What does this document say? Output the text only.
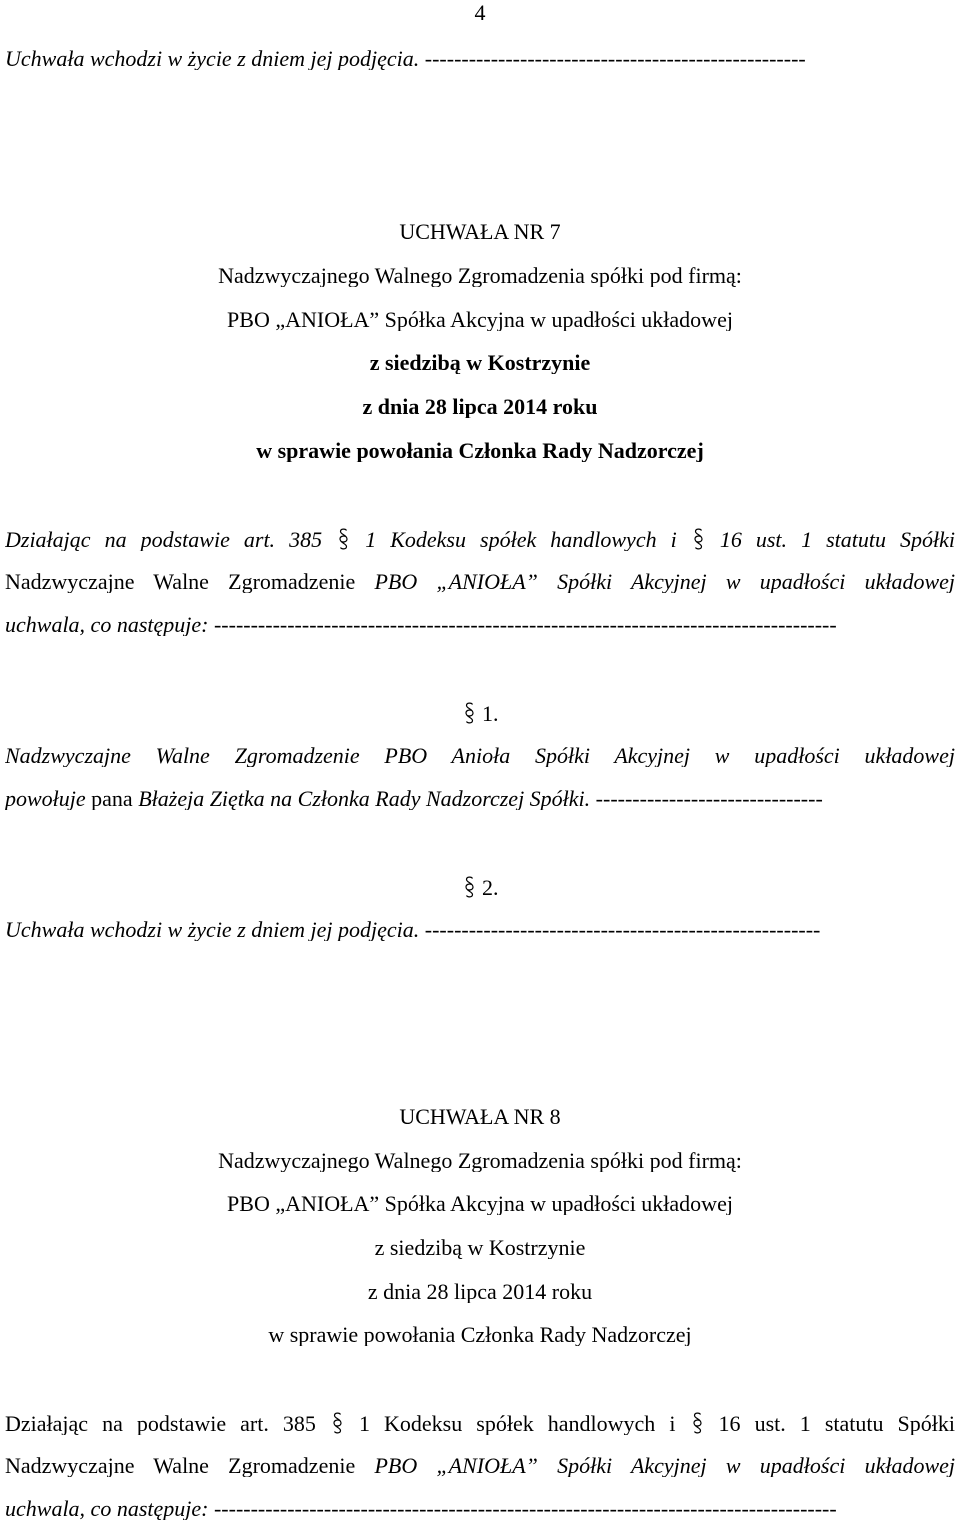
4
Uchwała wchodzi w życie z dniem jej podjęcia. ----------------------------------------------------
UCHWAŁA NR 7
Nadzwyczajnego Walnego Zgromadzenia spółki pod firmą:
PBO „ANIOŁA” Spółka Akcyjna w upadłości układowej
z siedzibą w Kostrzynie
z dnia 28 lipca 2014 roku
w sprawie powołania Członka Rady Nadzorczej
Działając na podstawie art. 385 1 Kodeksu spółek handlowych i 16 ust. 1 statutu Spółki
Nadzwyczajne Walne Zgromadzenie PBO „ANIOŁA” Spółki Akcyjnej w upadłości układowej
uchwala, co następuje: -------------------------------------------------------------------------------------
1.
Nadzwyczajne Walne Zgromadzenie PBO Anioła Spółki Akcyjnej w upadłości układowej
powołuje pana Błażeja Ziętka na Członka Rady Nadzorczej Spółki. -------------------------------
2.
Uchwała wchodzi w życie z dniem jej podjęcia. ------------------------------------------------------
UCHWAŁA NR 8
Nadzwyczajnego Walnego Zgromadzenia spółki pod firmą:
PBO „ANIOŁA” Spółka Akcyjna w upadłości układowej
z siedzibą w Kostrzynie
z dnia 28 lipca 2014 roku
w sprawie powołania Członka Rady Nadzorczej
Działając na podstawie art. 385 1 Kodeksu spółek handlowych i 16 ust. 1 statutu Spółki
Nadzwyczajne Walne Zgromadzenie PBO „ANIOŁA” Spółki Akcyjnej w upadłości układowej
uchwala, co następuje: -------------------------------------------------------------------------------------
